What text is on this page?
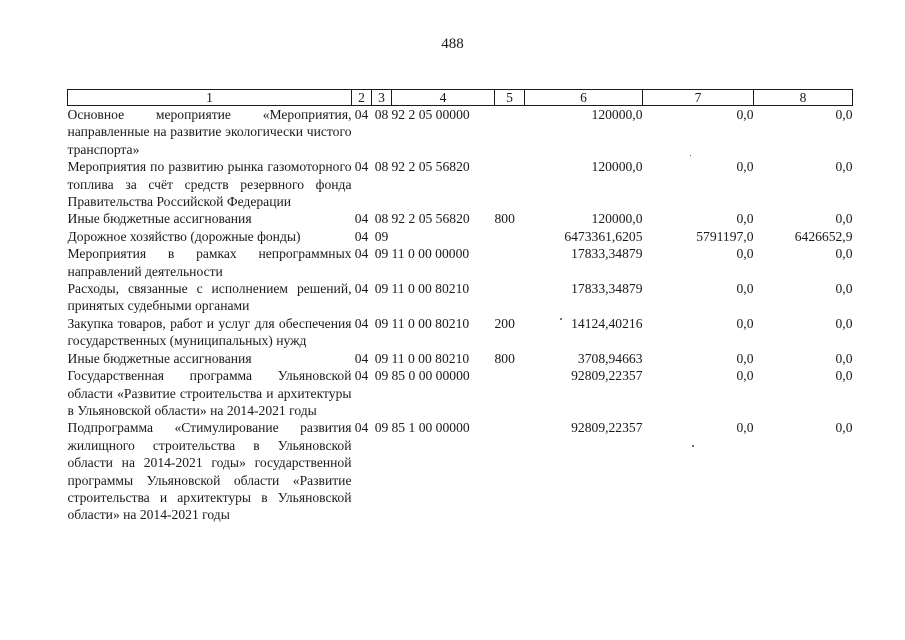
488
1	2	3	4	5	6	7	8
Основное мероприятие «Мероприятия, направленные на развитие экологически чистого транспорта»	04	08	92 2 05 00000		120000,0	0,0	0,0
Мероприятия по развитию рынка газомоторного топлива за счёт средств резервного фонда Правительства Российской Федерации	04	08	92 2 05 56820		120000,0	0,0	0,0
Иные бюджетные ассигнования	04	08	92 2 05 56820	800	120000,0	0,0	0,0
Дорожное хозяйство (дорожные фонды)	04	09			6473361,6205	5791197,0	6426652,9
Мероприятия в рамках непрограммных направлений деятельности	04	09	11 0 00 00000		17833,34879	0,0	0,0
Расходы, связанные с исполнением решений, принятых судебными органами	04	09	11 0 00 80210		17833,34879	0,0	0,0
Закупка товаров, работ и услуг для обеспечения государственных (муниципальных) нужд	04	09	11 0 00 80210	200	14124,40216	0,0	0,0
Иные бюджетные ассигнования	04	09	11 0 00 80210	800	3708,94663	0,0	0,0
Государственная программа Ульяновской области «Развитие строительства и архитектуры в Ульяновской области» на 2014-2021 годы	04	09	85 0 00 00000		92809,22357	0,0	0,0
Подпрограмма «Стимулирование развития жилищного строительства в Ульяновской области на 2014-2021 годы» государственной программы Ульяновской области «Развитие строительства и архитектуры в Ульяновской области» на 2014-2021 годы	04	09	85 1 00 00000		92809,22357	0,0	0,0
